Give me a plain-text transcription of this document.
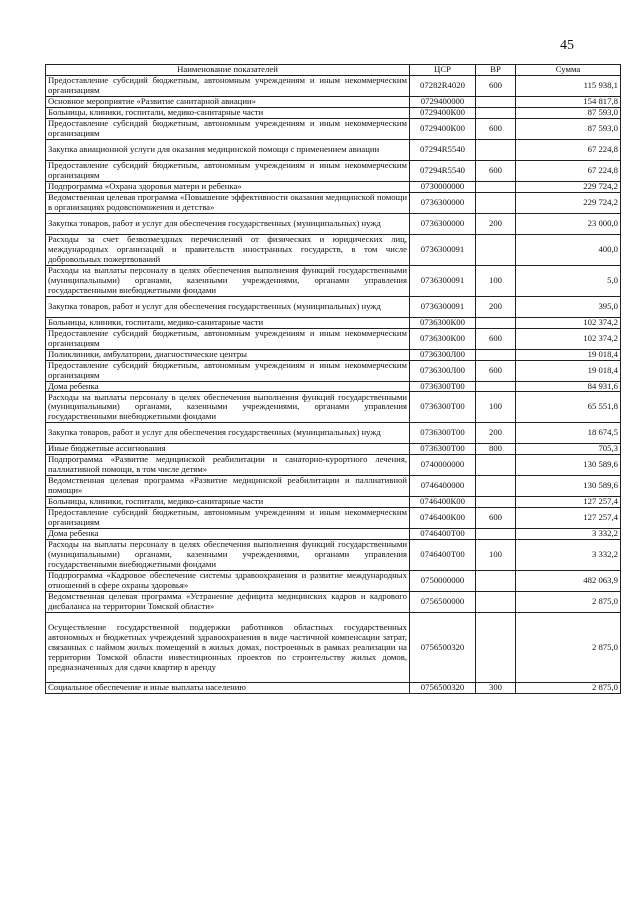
45
Наименование показателей	ЦСР	ВР	Сумма
Предоставление субсидий бюджетным, автономным учреждениям и иным некоммерческим организациям	07282R4020	600	115 938,1
Основное мероприятие «Развитие санитарной авиации»	0729400000		154 817,8
Больницы, клиники, госпитали, медико-санитарные части	0729400К00		87 593,0
Предоставление субсидий бюджетным, автономным учреждениям и иным некоммерческим организациям	0729400К00	600	87 593,0
Закупка авиационной услуги для оказания медицинской помощи с применением авиации	07294R5540		67 224,8
Предоставление субсидий бюджетным, автономным учреждениям и иным некоммерческим организациям	07294R5540	600	67 224,8
Подпрограмма «Охрана здоровья матери и ребенка»	0730000000		229 724,2
Ведомственная целевая программа «Повышение эффективности оказания медицинской помощи в организациях родовспоможения и детства»	0736300000		229 724,2
Закупка товаров, работ и услуг для обеспечения государственных (муниципальных) нужд	0736300000	200	23 000,0
Расходы за счет безвозмездных перечислений от физических и юридических лиц, международных организаций и правительств иностранных государств, в том числе добровольных пожертвований	0736300091		400,0
Расходы на выплаты персоналу в целях обеспечения выполнения функций государственными (муниципальными) органами, казенными учреждениями, органами управления государственными внебюджетными фондами	0736300091	100	5,0
Закупка товаров, работ и услуг для обеспечения государственных (муниципальных) нужд	0736300091	200	395,0
Больницы, клиники, госпитали, медико-санитарные части	0736300К00		102 374,2
Предоставление субсидий бюджетным, автономным учреждениям и иным некоммерческим организациям	0736300К00	600	102 374,2
Поликлиники, амбулатории, диагностические центры	0736300Л00		19 018,4
Предоставление субсидий бюджетным, автономным учреждениям и иным некоммерческим организациям	0736300Л00	600	19 018,4
Дома ребенка	0736300Т00		84 931,6
Расходы на выплаты персоналу в целях обеспечения выполнения функций государственными (муниципальными) органами, казенными учреждениями, органами управления государственными внебюджетными фондами	0736300Т00	100	65 551,8
Закупка товаров, работ и услуг для обеспечения государственных (муниципальных) нужд	0736300Т00	200	18 674,5
Иные бюджетные ассигнования	0736300Т00	800	705,3
Подпрограмма «Развитие медицинской реабилитации и санаторно-курортного лечения, паллиативной помощи, в том числе детям»	0740000000		130 589,6
Ведомственная целевая программа «Развитие медицинской реабилитации и паллиативной помощи»	0746400000		130 589,6
Больницы, клиники, госпитали, медико-санитарные части	0746400К00		127 257,4
Предоставление субсидий бюджетным, автономным учреждениям и иным некоммерческим организациям	0746400К00	600	127 257,4
Дома ребенка	0746400Т00		3 332,2
Расходы на выплаты персоналу в целях обеспечения выполнения функций государственными (муниципальными) органами, казенными учреждениями, органами управления государственными внебюджетными фондами	0746400Т00	100	3 332,2
Подпрограмма «Кадровое обеспечение системы здравоохранения и развитие международных отношений в сфере охраны здоровья»	0750000000		482 063,9
Ведомственная целевая программа «Устранение дефицита медицинских кадров и кадрового дисбаланса на территории Томской области»	0756500000		2 875,0
Осуществление государственной поддержки работников областных государственных автономных и бюджетных учреждений здравоохранения в виде частичной компенсации затрат, связанных с наймом жилых помещений в жилых домах, построенных в рамках реализации на территории Томской области инвестиционных проектов по строительству жилых домов, предназначенных для сдачи квартир в аренду	0756500320		2 875,0
Социальное обеспечение и иные выплаты населению	0756500320	300	2 875,0
